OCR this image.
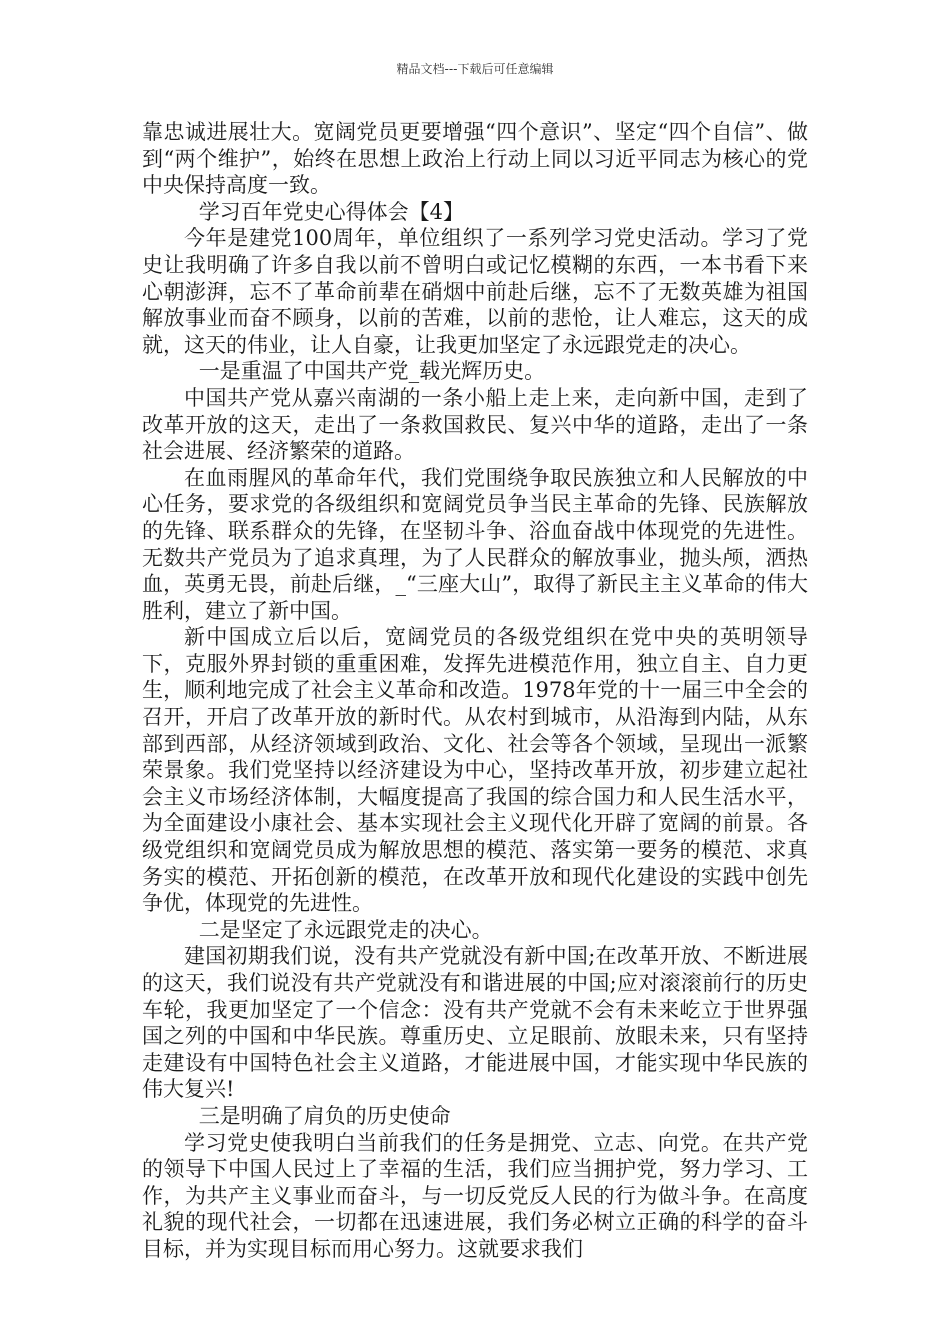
精品文档---下载后可任意编辑

靠忠诚进展壮大。宽阔党员更要增强“四个意识”、坚定“四个自信”、做到“两个维护”，始终在思想上政治上行动上同以习近平同志为核心的党中央保持高度一致。

学习百年党史心得体会【4】

今年是建党100周年，单位组织了一系列学习党史活动。学习了党史让我明确了许多自我以前不曾明白或记忆模糊的东西，一本书看下来心朝澎湃，忘不了革命前辈在硝烟中前赴后继，忘不了无数英雄为祖国解放事业而奋不顾身，以前的苦难，以前的悲怆，让人难忘，这天的成就，这天的伟业，让人自豪，让我更加坚定了永远跟党走的决心。

一是重温了中国共产党_载光辉历史。

中国共产党从嘉兴南湖的一条小船上走上来，走向新中国，走到了改革开放的这天，走出了一条救国救民、复兴中华的道路，走出了一条社会进展、经济繁荣的道路。

在血雨腥风的革命年代，我们党围绕争取民族独立和人民解放的中心任务，要求党的各级组织和宽阔党员争当民主革命的先锋、民族解放的先锋、联系群众的先锋，在坚韧斗争、浴血奋战中体现党的先进性。无数共产党员为了追求真理，为了人民群众的解放事业，抛头颅，洒热血，英勇无畏，前赴后继，_“三座大山”，取得了新民主主义革命的伟大胜利，建立了新中国。

新中国成立后以后，宽阔党员的各级党组织在党中央的英明领导下，克服外界封锁的重重困难，发挥先进模范作用，独立自主、自力更生，顺利地完成了社会主义革命和改造。1978年党的十一届三中全会的召开，开启了改革开放的新时代。从农村到城市，从沿海到内陆，从东部到西部，从经济领域到政治、文化、社会等各个领域，呈现出一派繁荣景象。我们党坚持以经济建设为中心，坚持改革开放，初步建立起社会主义市场经济体制，大幅度提高了我国的综合国力和人民生活水平，为全面建设小康社会、基本实现社会主义现代化开辟了宽阔的前景。各级党组织和宽阔党员成为解放思想的模范、落实第一要务的模范、求真务实的模范、开拓创新的模范，在改革开放和现代化建设的实践中创先争优，体现党的先进性。

二是坚定了永远跟党走的决心。

建国初期我们说，没有共产党就没有新中国;在改革开放、不断进展的这天，我们说没有共产党就没有和谐进展的中国;应对滚滚前行的历史车轮，我更加坚定了一个信念：没有共产党就不会有未来屹立于世界强国之列的中国和中华民族。尊重历史、立足眼前、放眼未来，只有坚持走建设有中国特色社会主义道路，才能进展中国，才能实现中华民族的伟大复兴!

三是明确了肩负的历史使命

学习党史使我明白当前我们的任务是拥党、立志、向党。在共产党的领导下中国人民过上了幸福的生活，我们应当拥护党，努力学习、工作，为共产主义事业而奋斗，与一切反党反人民的行为做斗争。在高度礼貌的现代社会，一切都在迅速进展，我们务必树立正确的科学的奋斗目标，并为实现目标而用心努力。这就要求我们
